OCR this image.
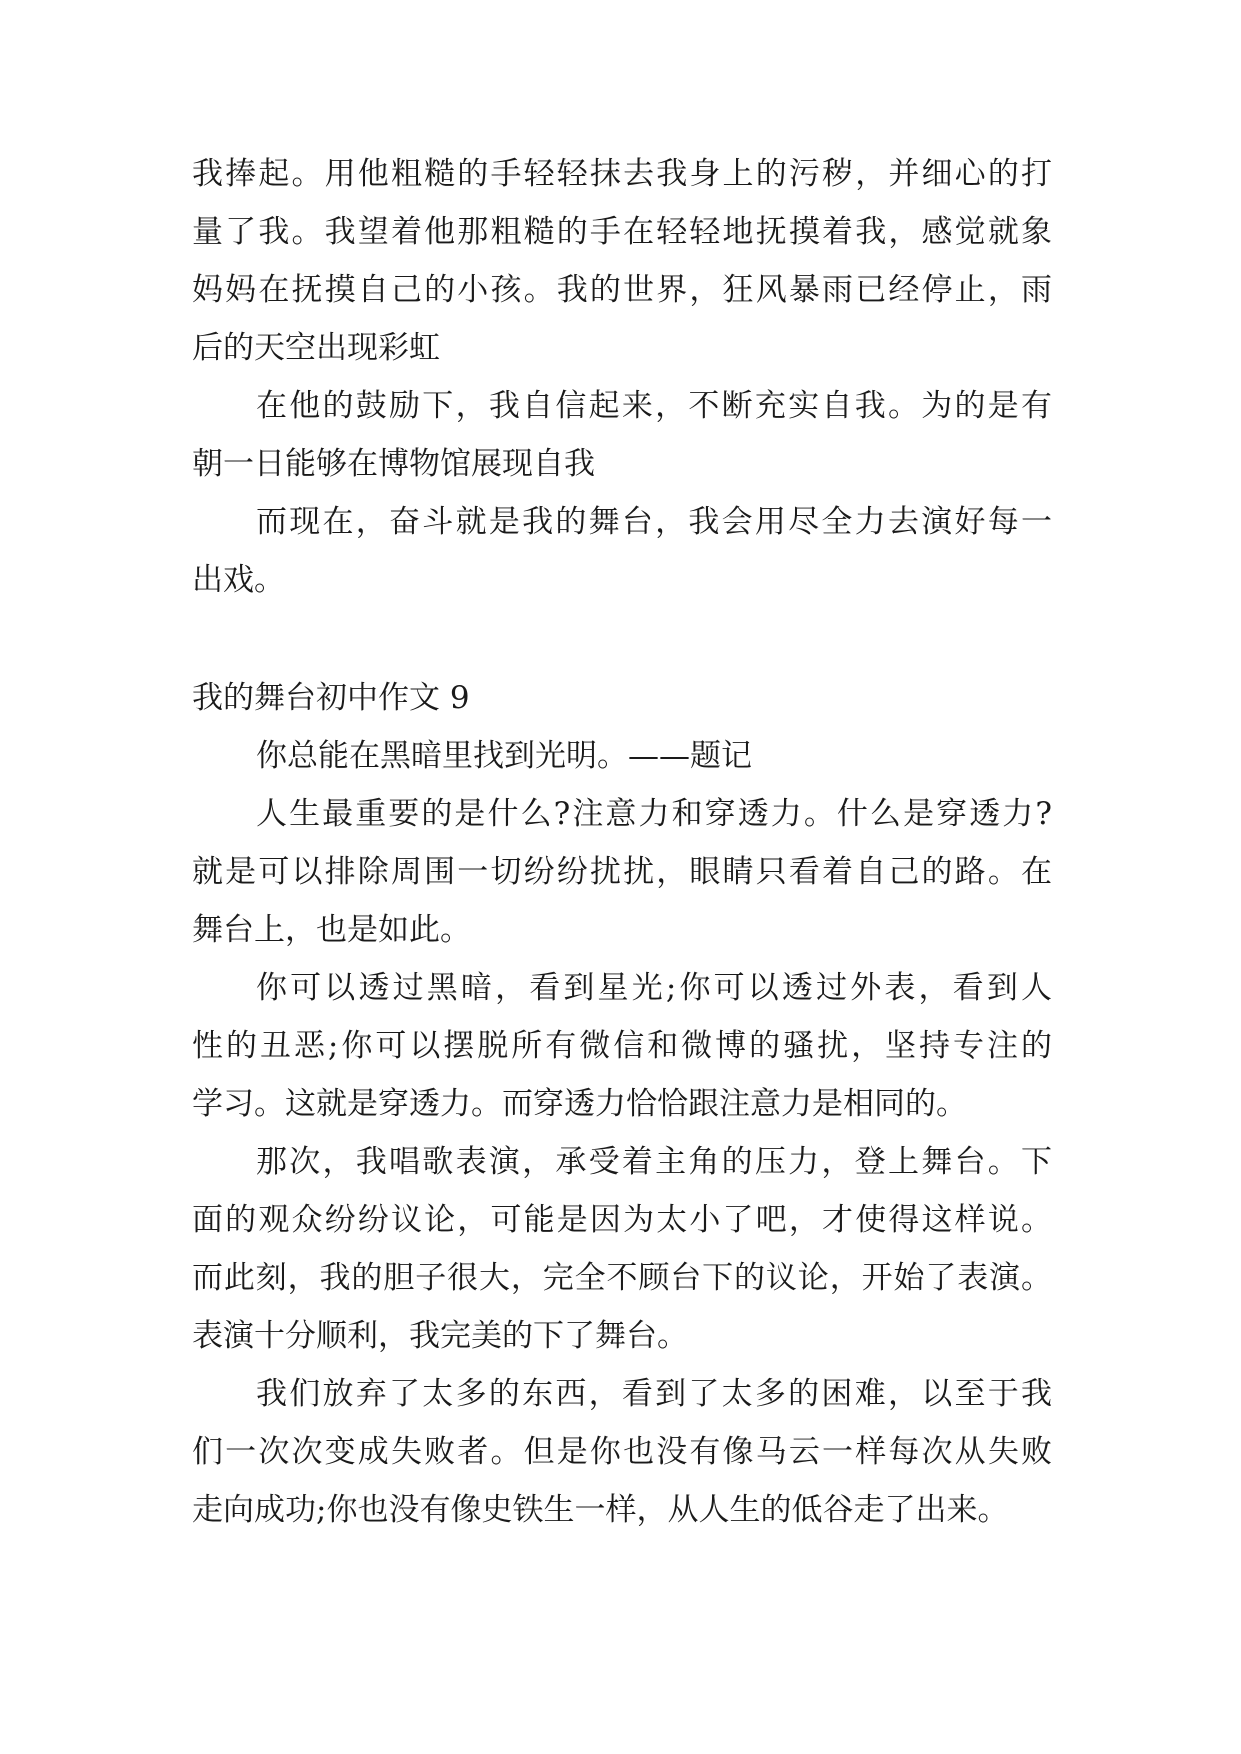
我捧起。用他粗糙的手轻轻抹去我身上的污秽，并细心的打
量了我。我望着他那粗糙的手在轻轻地抚摸着我，感觉就象
妈妈在抚摸自己的小孩。我的世界，狂风暴雨已经停止，雨
后的天空出现彩虹
在他的鼓励下，我自信起来，不断充实自我。为的是有
朝一日能够在博物馆展现自我
而现在，奋斗就是我的舞台，我会用尽全力去演好每一
出戏。
我的舞台初中作文 9
你总能在黑暗里找到光明。——题记
人生最重要的是什么?注意力和穿透力。什么是穿透力?
就是可以排除周围一切纷纷扰扰，眼睛只看着自己的路。在
舞台上，也是如此。
你可以透过黑暗，看到星光;你可以透过外表，看到人
性的丑恶;你可以摆脱所有微信和微博的骚扰，坚持专注的
学习。这就是穿透力。而穿透力恰恰跟注意力是相同的。
那次，我唱歌表演，承受着主角的压力，登上舞台。下
面的观众纷纷议论，可能是因为太小了吧，才使得这样说。
而此刻，我的胆子很大，完全不顾台下的议论，开始了表演。
表演十分顺利，我完美的下了舞台。
我们放弃了太多的东西，看到了太多的困难，以至于我
们一次次变成失败者。但是你也没有像马云一样每次从失败
走向成功;你也没有像史铁生一样，从人生的低谷走了出来。
